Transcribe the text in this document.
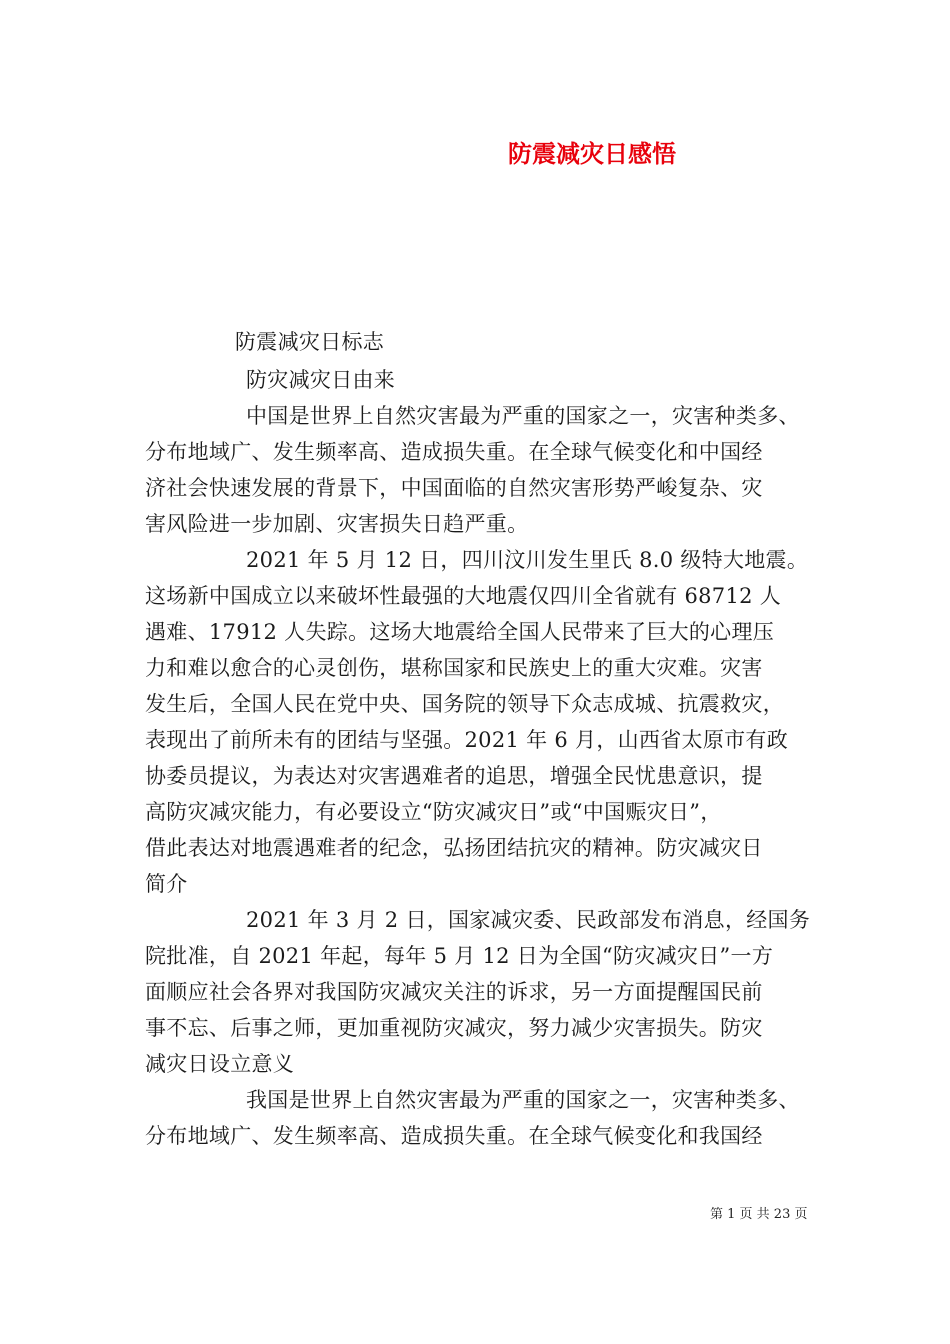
防震减灾日感悟
防震减灾日标志
防灾减灾日由来
中国是世界上自然灾害最为严重的国家之一，灾害种类多、
分布地域广、发生频率高、造成损失重。在全球气候变化和中国经
济社会快速发展的背景下，中国面临的自然灾害形势严峻复杂、灾
害风险进一步加剧、灾害损失日趋严重。
2021 年 5 月 12 日，四川汶川发生里氏 8.0 级特大地震。
这场新中国成立以来破坏性最强的大地震仅四川全省就有 68712 人
遇难、17912 人失踪。这场大地震给全国人民带来了巨大的心理压
力和难以愈合的心灵创伤，堪称国家和民族史上的重大灾难。灾害
发生后，全国人民在党中央、国务院的领导下众志成城、抗震救灾，
表现出了前所未有的团结与坚强。2021 年 6 月，山西省太原市有政
协委员提议，为表达对灾害遇难者的追思，增强全民忧患意识，提
高防灾减灾能力，有必要设立“防灾减灾日”或“中国赈灾日”，
借此表达对地震遇难者的纪念，弘扬团结抗灾的精神。防灾减灾日
简介
2021 年 3 月 2 日，国家减灾委、民政部发布消息，经国务
院批准，自 2021 年起，每年 5 月 12 日为全国“防灾减灾日”一方
面顺应社会各界对我国防灾减灾关注的诉求，另一方面提醒国民前
事不忘、后事之师，更加重视防灾减灾，努力减少灾害损失。防灾
减灾日设立意义
我国是世界上自然灾害最为严重的国家之一，灾害种类多、
分布地域广、发生频率高、造成损失重。在全球气候变化和我国经
第 1 页 共 23 页
